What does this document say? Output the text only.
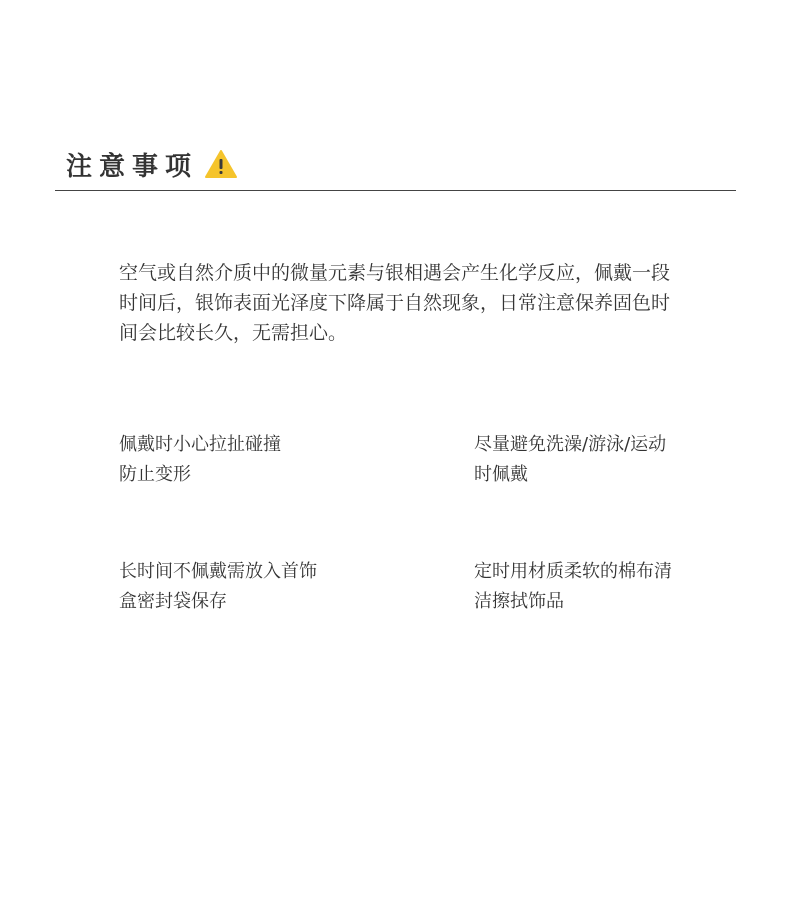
注意事项
空气或自然介质中的微量元素与银相遇会产生化学反应，佩戴一段时间后，银饰表面光泽度下降属于自然现象，日常注意保养固色时间会比较长久，无需担心。
佩戴时小心拉扯碰撞
防止变形
尽量避免洗澡/游泳/运动
时佩戴
长时间不佩戴需放入首饰
盒密封袋保存
定时用材质柔软的棉布清
洁擦拭饰品
